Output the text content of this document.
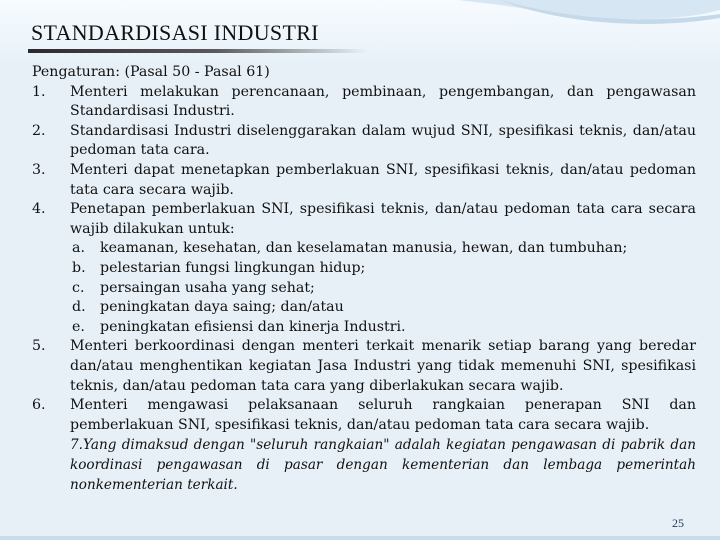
STANDARDISASI INDUSTRI

Pengaturan: (Pasal 50 - Pasal 61)

1.	Menteri melakukan perencanaan, pembinaan, pengembangan, dan pengawasan Standardisasi Industri.
2.	Standardisasi Industri diselenggarakan dalam wujud SNI, spesifikasi teknis, dan/atau pedoman tata cara.
3.	Menteri dapat menetapkan pemberlakuan SNI, spesifikasi teknis, dan/atau pedoman tata cara secara wajib.
4.	Penetapan pemberlakuan SNI, spesifikasi teknis, dan/atau pedoman tata cara secara wajib dilakukan untuk:
a.	keamanan, kesehatan, dan keselamatan manusia, hewan, dan tumbuhan;
b.	pelestarian fungsi lingkungan hidup;
c.	persaingan usaha yang sehat;
d.	peningkatan daya saing; dan/atau
e.	peningkatan efisiensi dan kinerja Industri.
5.	Menteri berkoordinasi dengan menteri terkait menarik setiap barang yang beredar dan/atau menghentikan kegiatan Jasa Industri yang tidak memenuhi SNI, spesifikasi teknis, dan/atau pedoman tata cara yang diberlakukan secara wajib.
6.	Menteri mengawasi pelaksanaan seluruh rangkaian penerapan SNI dan pemberlakuan SNI, spesifikasi teknis, dan/atau pedoman tata cara secara wajib.

7.Yang dimaksud dengan "seluruh rangkaian" adalah kegiatan pengawasan di pabrik dan koordinasi pengawasan di pasar dengan kementerian dan lembaga pemerintah nonkementerian terkait.

25
